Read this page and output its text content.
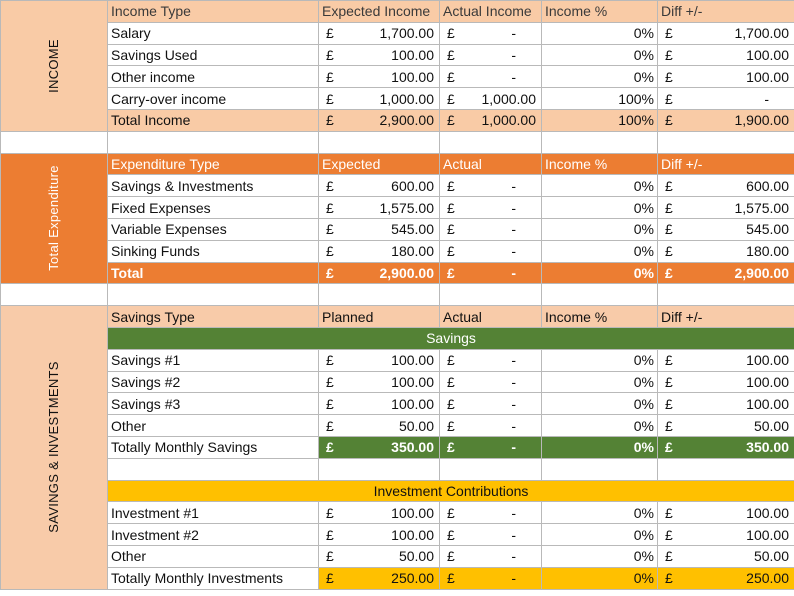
INCOME	Income Type	Expected Income	Actual Income	Income %	Diff +/-
	Salary	£ 1,700.00	£ -	0%	£ 1,700.00

	Savings Used	£ 100.00	£ -	0%	£ 100.00

	Other income	£ 100.00	£ -	0%	£ 100.00

	Carry-over income	£ 1,000.00	£ 1,000.00	100%	£ -

	Total Income	£ 2,900.00	£ 1,000.00	100%	£ 1,900.00

Total Expenditure	Expenditure Type	Expected	Actual	Income %	Diff +/-
	Savings & Investments	£ 600.00	£ -	0%	£ 600.00

	Fixed Expenses	£ 1,575.00	£ -	0%	£ 1,575.00

	Variable Expenses	£ 545.00	£ -	0%	£ 545.00

	Sinking Funds	£ 180.00	£ -	0%	£ 180.00

	Total	£ 2,900.00	£ -	0%	£ 2,900.00

SAVINGS & INVESTMENTS	Savings Type	Planned	Actual	Income %	Diff +/-
	Savings				
	Savings #1	£ 100.00	£ -	0%	£ 100.00

	Savings #2	£ 100.00	£ -	0%	£ 100.00

	Savings #3	£ 100.00	£ -	0%	£ 100.00

	Other	£ 50.00	£ -	0%	£ 50.00

	Totally Monthly Savings	£ 350.00	£ -	0%	£ 350.00

	Investment Contributions				
	Investment #1	£ 100.00	£ -	0%	£ 100.00

	Investment #2	£ 100.00	£ -	0%	£ 100.00

	Other	£ 50.00	£ -	0%	£ 50.00

	Totally Monthly Investments	£ 250.00	£ -	0%	£ 250.00
